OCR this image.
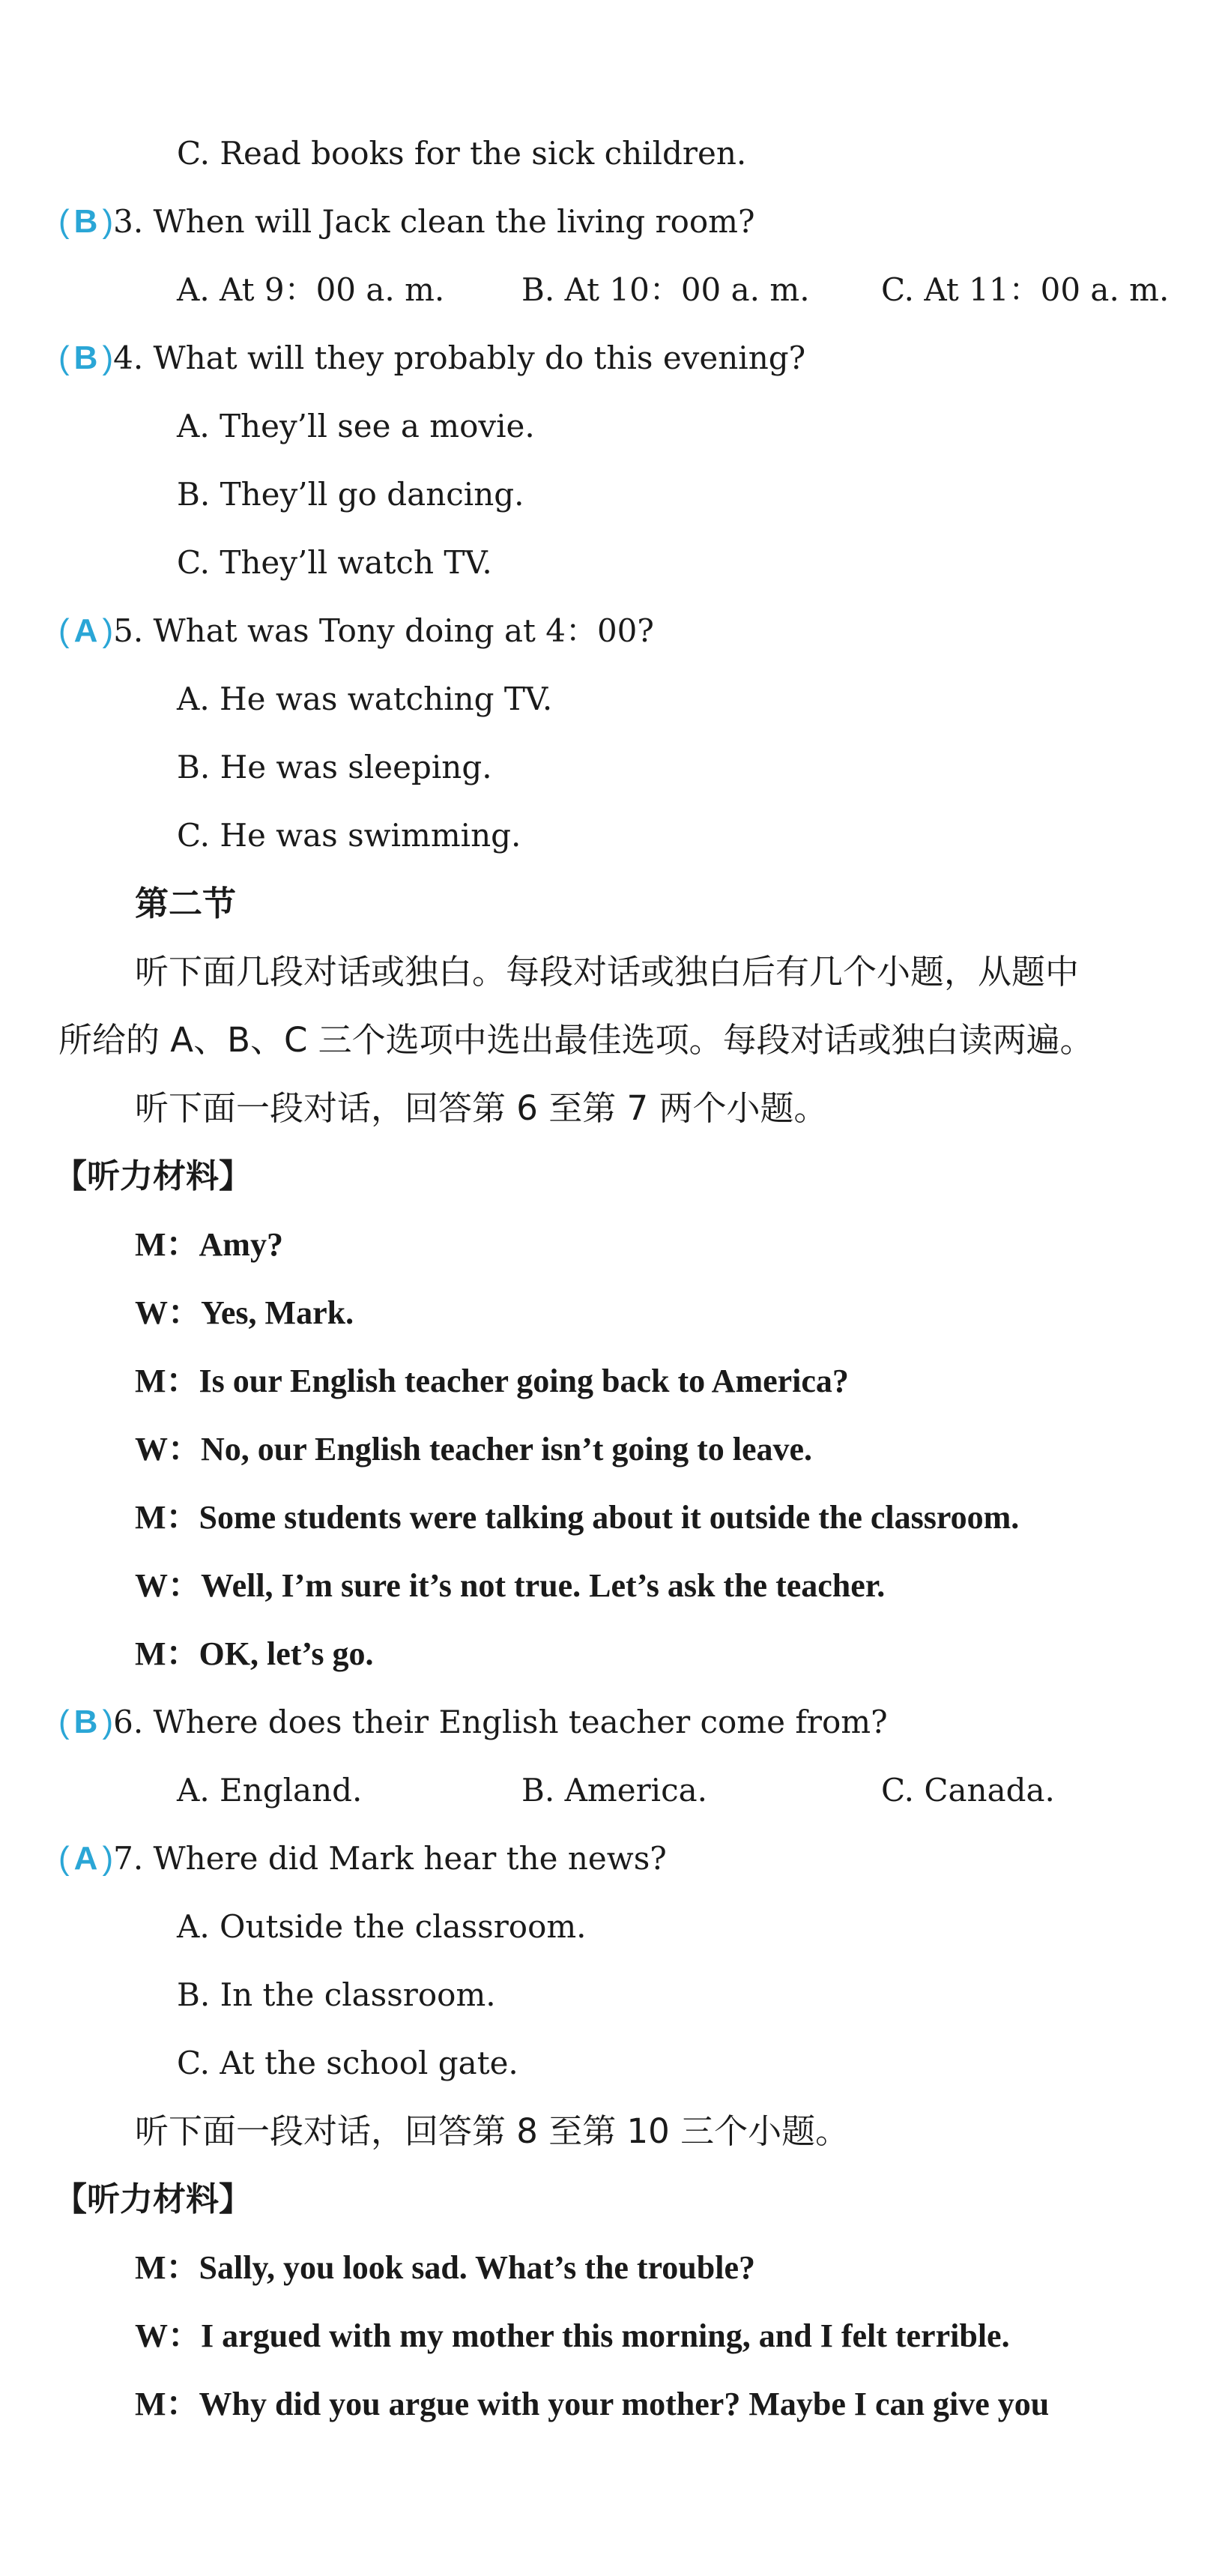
C. Read books for the sick children.
( B )3. When will Jack clean the living room?
A. At 9：00 a. m. B. At 10：00 a. m. C. At 11：00 a. m.
( B )4. What will they probably do this evening?
A. They’ll see a movie.
B. They’ll go dancing.
C. They’ll watch TV.
( A )5. What was Tony doing at 4：00?
A. He was watching TV.
B. He was sleeping.
C. He was swimming.
第二节
听下面几段对话或独白。每段对话或独白后有几个小题，从题中
所给的 A、B、C 三个选项中选出最佳选项。每段对话或独白读两遍。
听下面一段对话，回答第 6 至第 7 两个小题。
【听力材料】
M：Amy?
W：Yes, Mark.
M：Is our English teacher going back to America?
W：No, our English teacher isn’t going to leave.
M：Some students were talking about it outside the classroom.
W：Well, I’m sure it’s not true. Let’s ask the teacher.
M：OK, let’s go.
( B )6. Where does their English teacher come from?
A. England.	B. America.	C. Canada.
( A )7. Where did Mark hear the news?
A. Outside the classroom.
B. In the classroom.
C. At the school gate.
听下面一段对话，回答第 8 至第 10 三个小题。
【听力材料】
M：Sally, you look sad. What’s the trouble?
W：I argued with my mother this morning, and I felt terrible.
M：Why did you argue with your mother? Maybe I can give you
